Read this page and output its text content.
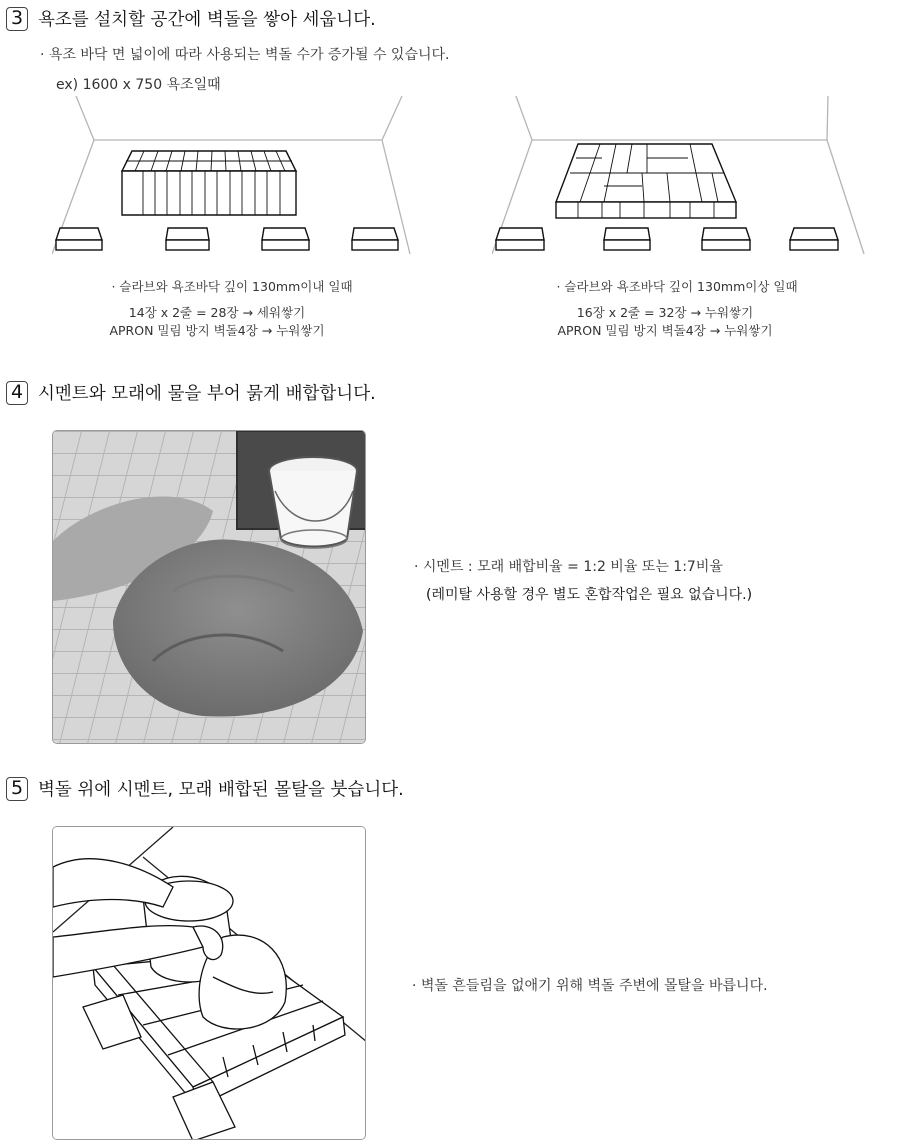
3 욕조를 설치할 공간에 벽돌을 쌓아 세웁니다.
· 욕조 바닥 면 넓이에 따라 사용되는 벽돌 수가 증가될 수 있습니다.
ex) 1600 x 750 욕조일때
· 슬라브와 욕조바닥 깊이 130mm이내 일때
14장 x 2줄 = 28장 → 세워쌓기
APRON 밀림 방지 벽돌4장 → 누워쌓기
· 슬라브와 욕조바닥 깊이 130mm이상 일때
16장 x 2줄 = 32장 → 누워쌓기
APRON 밀림 방지 벽돌4장 → 누워쌓기
4 시멘트와 모래에 물을 부어 묽게 배합합니다.
· 시멘트 : 모래 배합비율 = 1:2 비율 또는 1:7비율
(레미탈 사용할 경우 별도 혼합작업은 필요 없습니다.)
5 벽돌 위에 시멘트, 모래 배합된 몰탈을 붓습니다.
· 벽돌 흔들림을 없애기 위해 벽돌 주변에 몰탈을 바릅니다.
